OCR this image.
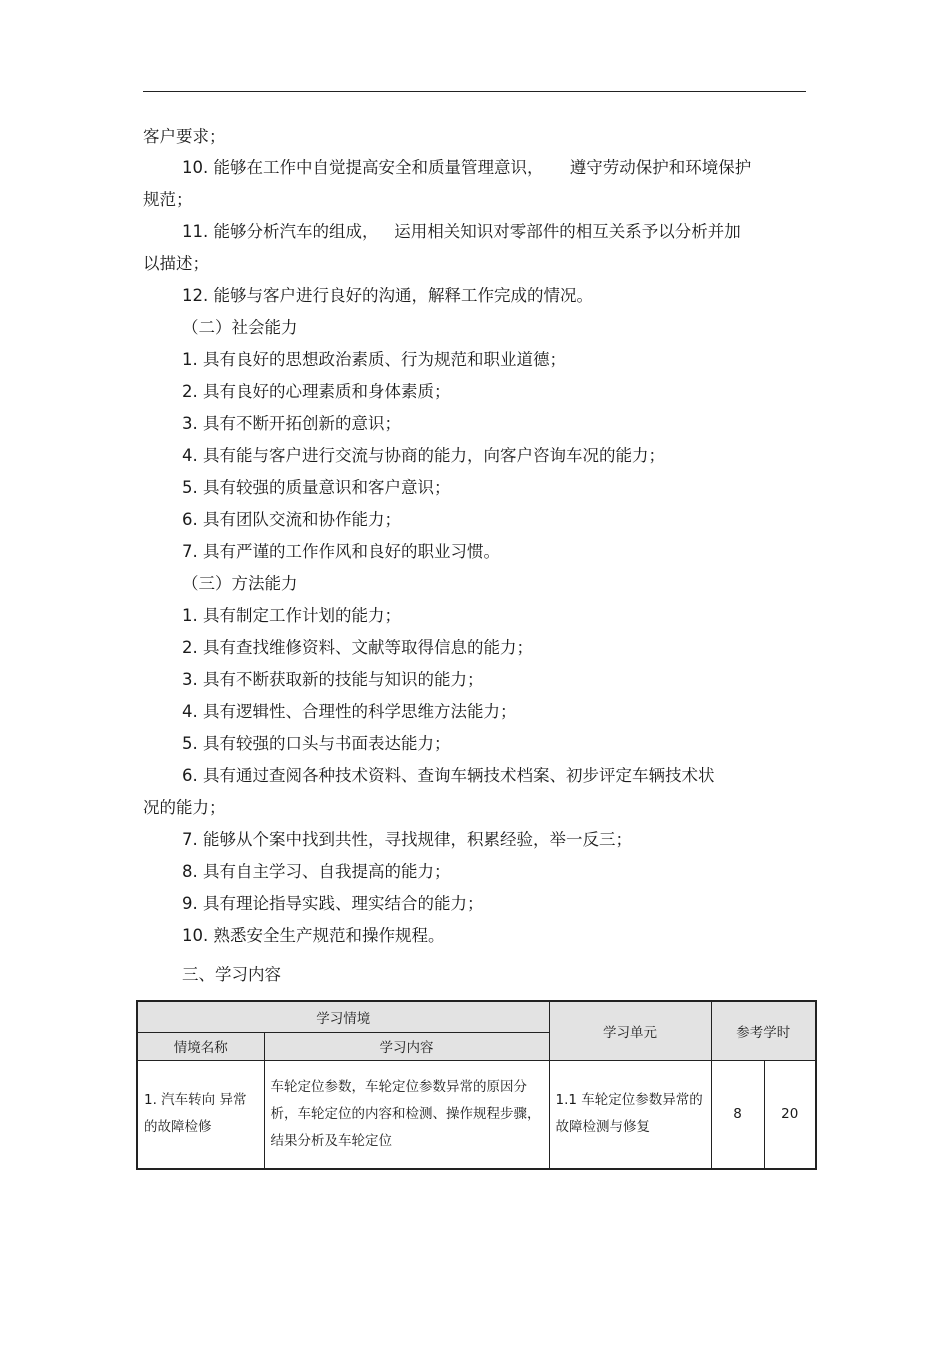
客户要求；
10. 能够在工作中自觉提高安全和质量管理意识，     遵守劳动保护和环境保护
规范；
11. 能够分析汽车的组成，   运用相关知识对零部件的相互关系予以分析并加
以描述；
12. 能够与客户进行良好的沟通，解释工作完成的情况。
（二）社会能力
1. 具有良好的思想政治素质、行为规范和职业道德；
2. 具有良好的心理素质和身体素质；
3. 具有不断开拓创新的意识；
4. 具有能与客户进行交流与协商的能力，向客户咨询车况的能力；
5. 具有较强的质量意识和客户意识；
6. 具有团队交流和协作能力；
7. 具有严谨的工作作风和良好的职业习惯。
（三）方法能力
1. 具有制定工作计划的能力；
2. 具有查找维修资料、文献等取得信息的能力；
3. 具有不断获取新的技能与知识的能力；
4. 具有逻辑性、合理性的科学思维方法能力；
5. 具有较强的口头与书面表达能力；
6. 具有通过查阅各种技术资料、查询车辆技术档案、初步评定车辆技术状
况的能力；
7. 能够从个案中找到共性，寻找规律，积累经验，举一反三；
8. 具有自主学习、自我提高的能力；
9. 具有理论指导实践、理实结合的能力；
10. 熟悉安全生产规范和操作规程。
三、学习内容
学习情境		学习单元	参考学时	
情境名称	学习内容			
1. 汽车转向 异常的故障检修	车轮定位参数，车轮定位参数异常的原因分析，车轮定位的内容和检测、操作规程步骤，结果分析及车轮定位	1.1 车轮定位参数异常的故障检测与修复	8	20
